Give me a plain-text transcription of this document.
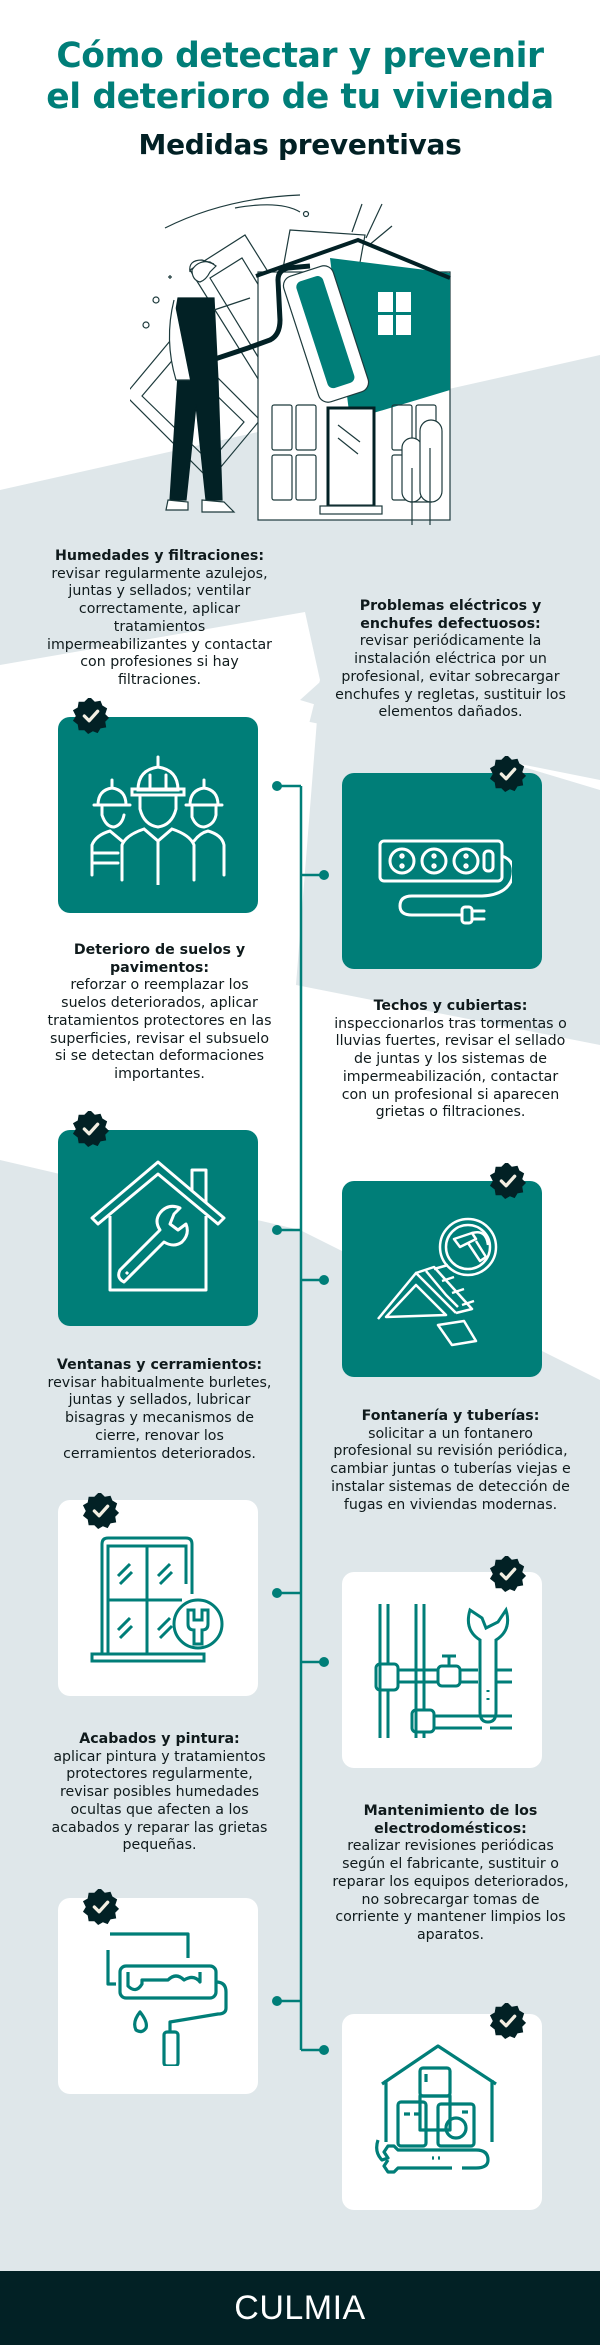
Cómo detectar y prevenir
el deterioro de tu vivienda
Medidas preventivas
Humedades y filtraciones:
revisar regularmente azulejos, juntas y sellados; ventilar correctamente, aplicar tratamientos impermeabilizantes y contactar con profesiones si hay filtraciones.
Problemas eléctricos y enchufes defectuosos:
revisar periódicamente la instalación eléctrica por un profesional, evitar sobrecargar enchufes y regletas, sustituir los elementos dañados.
Deterioro de suelos y pavimentos:
reforzar o reemplazar los suelos deteriorados, aplicar tratamientos protectores en las superficies, revisar el subsuelo si se detectan deformaciones importantes.
Techos y cubiertas:
inspeccionarlos tras tormentas o lluvias fuertes, revisar el sellado de juntas y los sistemas de impermeabilización, contactar con un profesional si aparecen grietas o filtraciones.
Ventanas y cerramientos:
revisar habitualmente burletes, juntas y sellados, lubricar bisagras y mecanismos de cierre, renovar los cerramientos deteriorados.
Fontanería y tuberías:
solicitar a un fontanero profesional su revisión periódica, cambiar juntas o tuberías viejas e instalar sistemas de detección de fugas en viviendas modernas.
Acabados y pintura:
aplicar pintura y tratamientos protectores regularmente, revisar posibles humedades ocultas que afecten a los acabados y reparar las grietas pequeñas.
Mantenimiento de los electrodomésticos:
realizar revisiones periódicas según el fabricante, sustituir o reparar los equipos deteriorados, no sobrecargar tomas de corriente y mantener limpios los aparatos.
CULMIA
